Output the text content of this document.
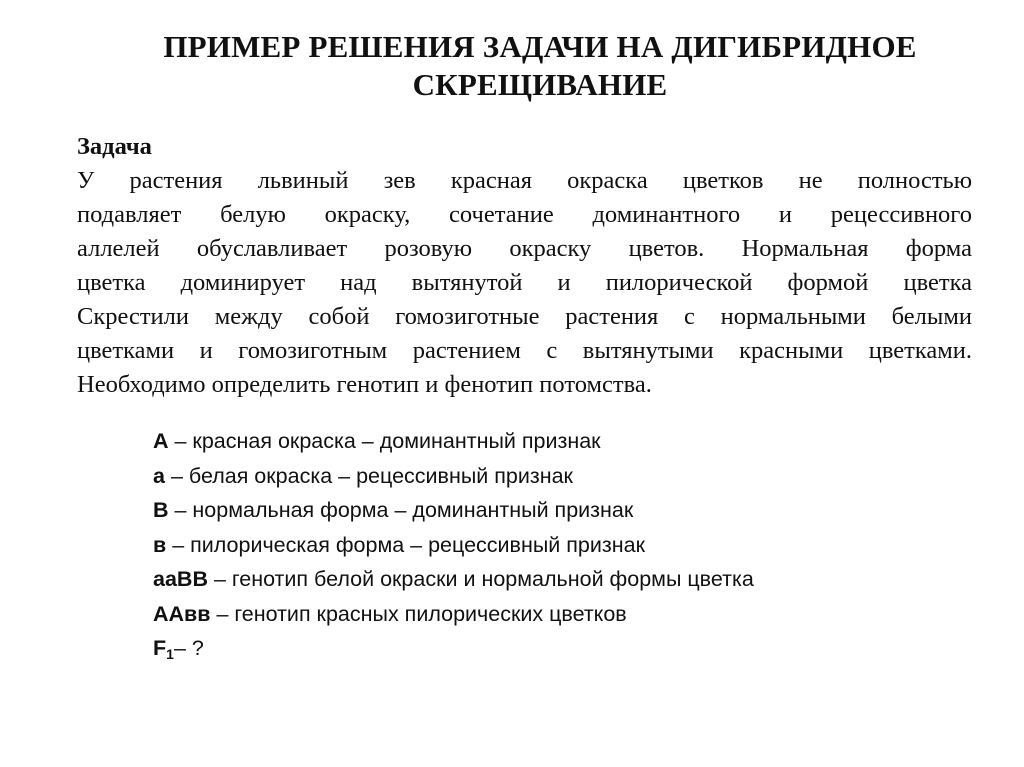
ПРИМЕР РЕШЕНИЯ ЗАДАЧИ НА ДИГИБРИДНОЕ
СКРЕЩИВАНИЕ
Задача
У растения львиный зев красная окраска цветков не полностью
подавляет белую окраску, сочетание доминантного и рецессивного
аллелей обуславливает розовую окраску цветов. Нормальная форма
цветка доминирует над вытянутой и пилорической формой цветка
Скрестили между собой гомозиготные растения с нормальными белыми
цветками и гомозиготным растением с вытянутыми красными цветками.
Необходимо определить генотип и фенотип потомства.
А – красная окраска – доминантный признак
а – белая окраска – рецессивный признак
В – нормальная форма – доминантный признак
в – пилорическая форма – рецессивный признак
ааВВ – генотип белой окраски и нормальной формы цветка
ААвв – генотип красных пилорических цветков
$F_1-$ ?
